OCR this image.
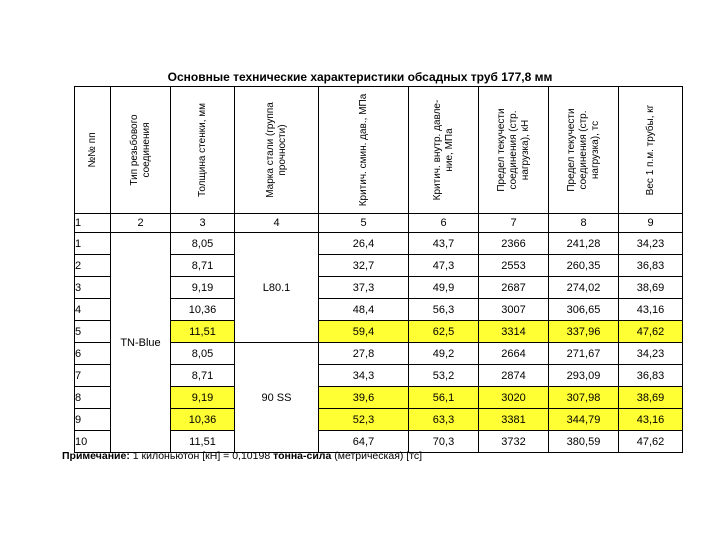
Основные технические характеристики обсадных труб 177,8 мм
№№ пп	Тип резьбового соединения	Толщина стенки, мм	Марка стали (группа прочности)	Критич. смин. дав., МПа	Критич. внутр. давле-ние, МПа	Предел текучести соединения (стр. нагрузка), кН	Предел текучести соединения (стр. нагрузка), тс	Вес 1 п.м. трубы, кг

1	2	3	4	5	6	7	8	9
1	TN-Blue	8,05	L80.1	26,4	43,7	2366	241,28	34,23
2		8,71		32,7	47,3	2553	260,35	36,83
3		9,19		37,3	49,9	2687	274,02	38,69
4		10,36		48,4	56,3	3007	306,65	43,16
5		11,51		59,4	62,5	3314	337,96	47,62
6		8,05	90 SS	27,8	49,2	2664	271,67	34,23
7		8,71		34,3	53,2	2874	293,09	36,83
8		9,19		39,6	56,1	3020	307,98	38,69
9		10,36		52,3	63,3	3381	344,79	43,16
10		11,51		64,7	70,3	3732	380,59	47,62
Примечание: 1 килоньютон [кН] = 0,10198 тонна-сила (метрическая) [тс]
